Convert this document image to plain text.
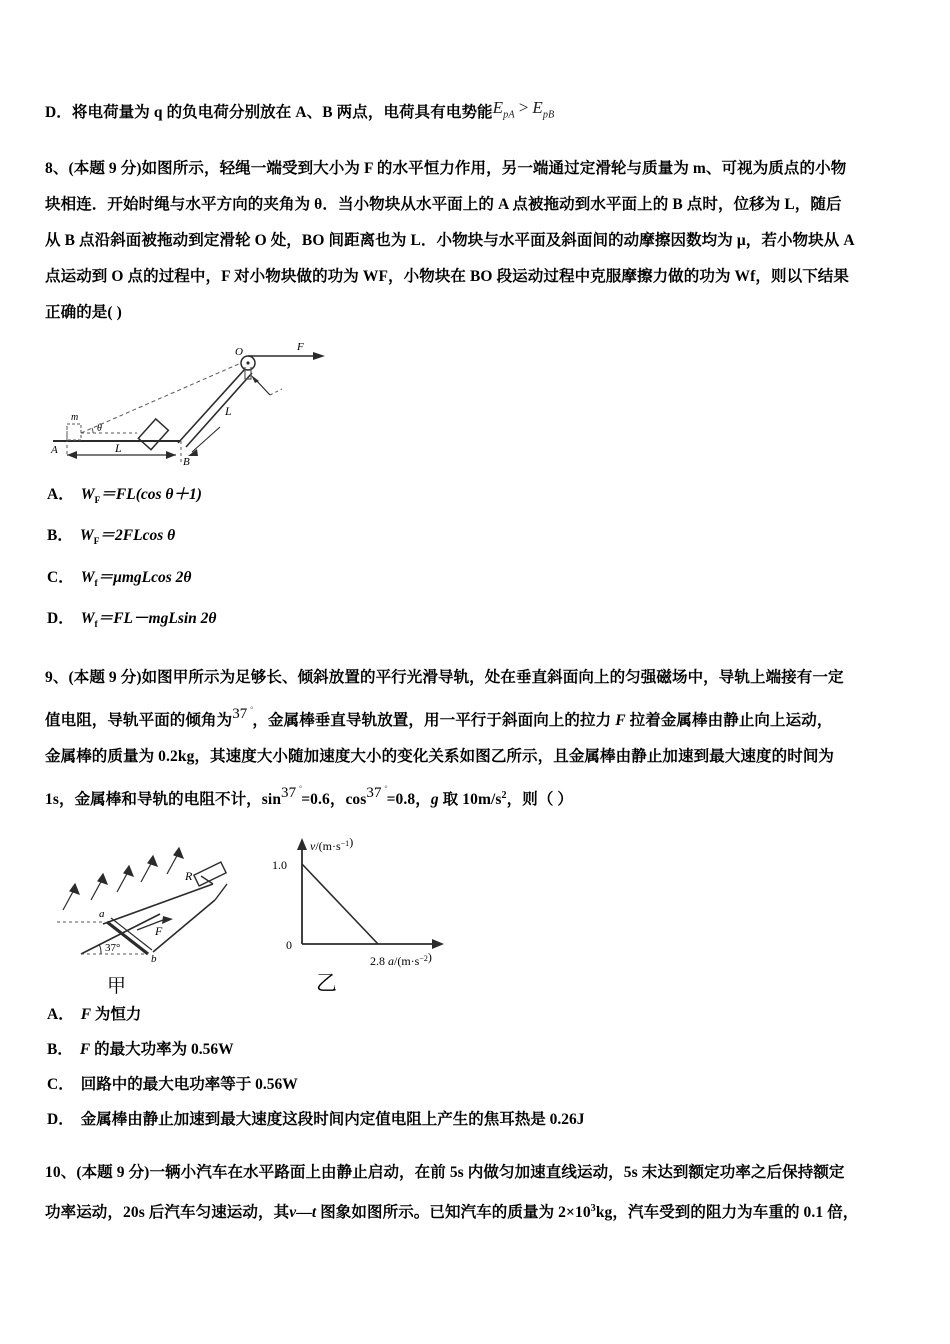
D．将电荷量为 q 的负电荷分别放在 A、B 两点，电荷具有电势能$E_{pA} > E_{pB}$

8、(本题 9 分)如图所示，轻绳一端受到大小为 F 的水平恒力作用，另一端通过定滑轮与质量为 m、可视为质点的小物

块相连．开始时绳与水平方向的夹角为 θ．当小物块从水平面上的 A 点被拖动到水平面上的 B 点时，位移为 L，随后

从 B 点沿斜面被拖动到定滑轮 O 处，BO 间距离也为 L．小物块与水平面及斜面间的动摩擦因数均为 μ，若小物块从 A

点运动到 O 点的过程中，F 对小物块做的功为 WF，小物块在 BO 段运动过程中克服摩擦力做的功为 Wf，则以下结果

正确的是( )

m
θ
F
L
L
A
B
O

A． $W_F=FL(\cos$ θ＋1)

B． $W_F=2FLcos$ θ

C． $W_f=\mu mgLcos$ 2θ

D． $W_f=FL-mgLsin$ 2θ

9、(本题 9 分)如图甲所示为足够长、倾斜放置的平行光滑导轨，处在垂直斜面向上的匀强磁场中，导轨上端接有一定

值电阻，导轨平面的倾角为37 ° ，金属棒垂直导轨放置，用一平行于斜面向上的拉力 F 拉着金属棒由静止向上运动，

金属棒的质量为 0.2kg，其速度大小随加速度大小的变化关系如图乙所示，且金属棒由静止加速到最大速度的时间为

1s，金属棒和导轨的电阻不计，sin37 ° =0.6，cos37 ° =0.8，g 取 $10m/s^2$，则（ ）

37°
R
a
b
F
甲
$v/(m\cdot s^{-1})$
2.8 $a/(m\cdot s^{-2})$
1.0
0
乙

A． F 为恒力

B． F 的最大功率为 0.56W

C． 回路中的最大电功率等于 0.56W

D． 金属棒由静止加速到最大速度这段时间内定值电阻上产生的焦耳热是 0.26J

10、(本题 9 分)一辆小汽车在水平路面上由静止启动，在前 5s 内做匀加速直线运动，5s 末达到额定功率之后保持额定

功率运动，20s 后汽车匀速运动，其v—t 图象如图所示。已知汽车的质量为 $2\times 10^3kg$，汽车受到的阻力为车重的 0.1 倍，
